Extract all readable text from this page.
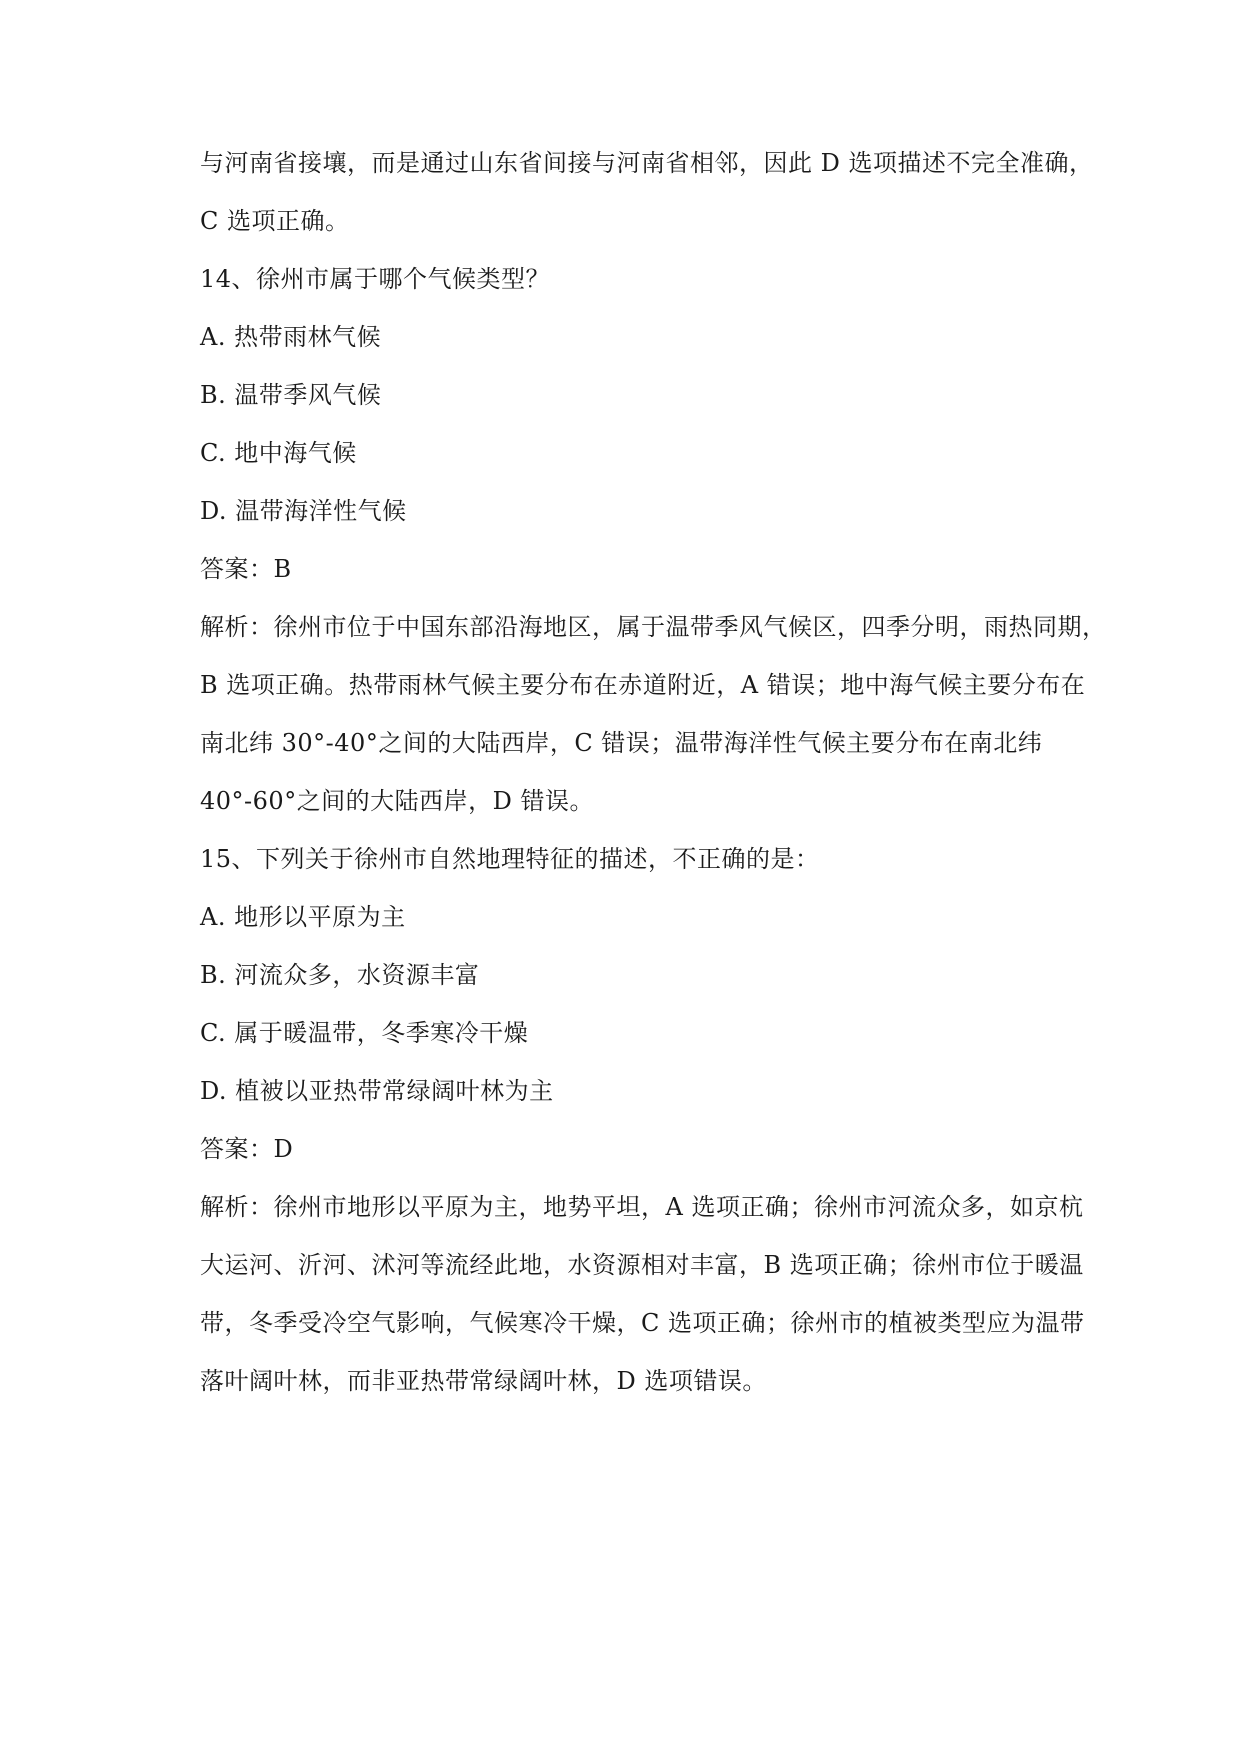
与河南省接壤，而是通过山东省间接与河南省相邻，因此 D 选项描述不完全准确，
C 选项正确。
14、徐州市属于哪个气候类型？
A. 热带雨林气候
B. 温带季风气候
C. 地中海气候
D. 温带海洋性气候
答案：B
解析：徐州市位于中国东部沿海地区，属于温带季风气候区，四季分明，雨热同期，
B 选项正确。热带雨林气候主要分布在赤道附近，A 错误；地中海气候主要分布在
南北纬 30°-40°之间的大陆西岸，C 错误；温带海洋性气候主要分布在南北纬
40°-60°之间的大陆西岸，D 错误。
15、下列关于徐州市自然地理特征的描述，不正确的是：
A. 地形以平原为主
B. 河流众多，水资源丰富
C. 属于暖温带，冬季寒冷干燥
D. 植被以亚热带常绿阔叶林为主
答案：D
解析：徐州市地形以平原为主，地势平坦，A 选项正确；徐州市河流众多，如京杭
大运河、沂河、沭河等流经此地，水资源相对丰富，B 选项正确；徐州市位于暖温
带，冬季受冷空气影响，气候寒冷干燥，C 选项正确；徐州市的植被类型应为温带
落叶阔叶林，而非亚热带常绿阔叶林，D 选项错误。
